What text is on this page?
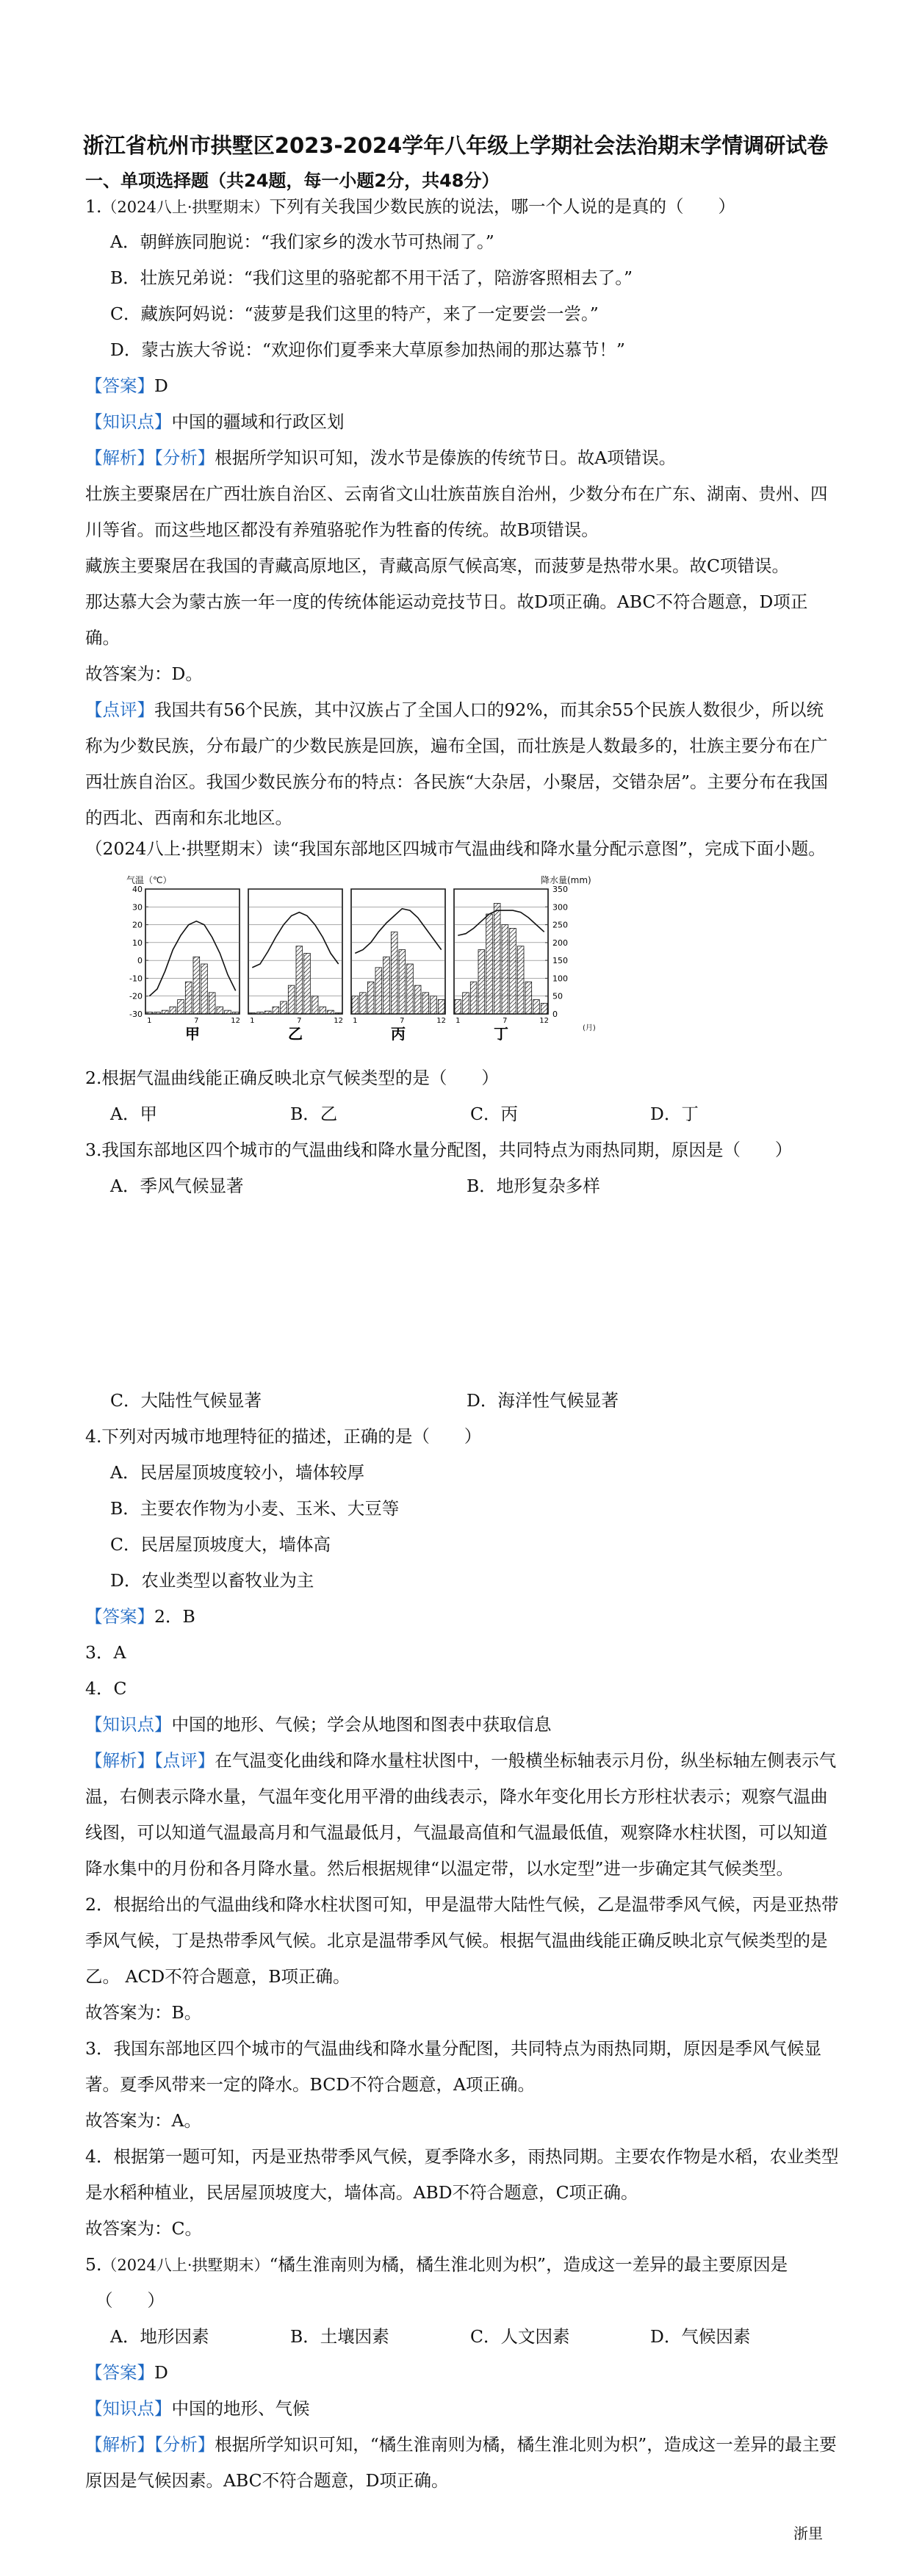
浙江省杭州市拱墅区2023-2024学年八年级上学期社会法治期末学情调研试卷
一、单项选择题（共24题，每一小题2分，共48分）
1.（2024八上·拱墅期末）下列有关我国少数民族的说法，哪一个人说的是真的（　　）
A．朝鲜族同胞说：“我们家乡的泼水节可热闹了。”
B．壮族兄弟说：“我们这里的骆驼都不用干活了，陪游客照相去了。”
C．藏族阿妈说：“菠萝是我们这里的特产，来了一定要尝一尝。”
D．蒙古族大爷说：“欢迎你们夏季来大草原参加热闹的那达慕节！”
【答案】D
【知识点】中国的疆域和行政区划
【解析】【分析】根据所学知识可知，泼水节是傣族的传统节日。故A项错误。
壮族主要聚居在广西壮族自治区、云南省文山壮族苗族自治州，少数分布在广东、湖南、贵州、四
川等省。而这些地区都没有养殖骆驼作为牲畜的传统。故B项错误。
藏族主要聚居在我国的青藏高原地区，青藏高原气候高寒，而菠萝是热带水果。故C项错误。
那达慕大会为蒙古族一年一度的传统体能运动竞技节日。故D项正确。ABC不符合题意，D项正
确。
故答案为：D。
【点评】我国共有56个民族，其中汉族占了全国人口的92%，而其余55个民族人数很少，所以统
称为少数民族，分布最广的少数民族是回族，遍布全国，而壮族是人数最多的，壮族主要分布在广
西壮族自治区。我国少数民族分布的特点：各民族“大杂居，小聚居，交错杂居”。主要分布在我国
的西北、西南和东北地区。
（2024八上·拱墅期末）读“我国东部地区四城市气温曲线和降水量分配示意图”，完成下面小题。
气温（℃）	降水量(mm)
(月)
40
30
20
10
0
-10
-20
-30
350
300
250
200
150
100
50
0
1	7	12
甲
1	7	12
乙
1	7	12
丙
1	7	12
丁
2.根据气温曲线能正确反映北京气候类型的是（　　）
A．甲	B．乙	C．丙	D．丁
3.我国东部地区四个城市的气温曲线和降水量分配图，共同特点为雨热同期，原因是（　　）
A．季风气候显著	B．地形复杂多样
C．大陆性气候显著	D．海洋性气候显著
4.下列对丙城市地理特征的描述，正确的是（　　）
A．民居屋顶坡度较小，墙体较厚
B．主要农作物为小麦、玉米、大豆等
C．民居屋顶坡度大，墙体高
D．农业类型以畜牧业为主
【答案】2．B
3．A
4．C
【知识点】中国的地形、气候；学会从地图和图表中获取信息
【解析】【点评】在气温变化曲线和降水量柱状图中，一般横坐标轴表示月份，纵坐标轴左侧表示气
温，右侧表示降水量，气温年变化用平滑的曲线表示，降水年变化用长方形柱状表示；观察气温曲
线图，可以知道气温最高月和气温最低月，气温最高值和气温最低值，观察降水柱状图，可以知道
降水集中的月份和各月降水量。然后根据规律“以温定带，以水定型”进一步确定其气候类型。
2．根据给出的气温曲线和降水柱状图可知，甲是温带大陆性气候，乙是温带季风气候，丙是亚热带
季风气候，丁是热带季风气候。北京是温带季风气候。根据气温曲线能正确反映北京气候类型的是
乙。 ACD不符合题意，B项正确。
故答案为：B。
3．我国东部地区四个城市的气温曲线和降水量分配图，共同特点为雨热同期，原因是季风气候显
著。夏季风带来一定的降水。BCD不符合题意，A项正确。
故答案为：A。
4．根据第一题可知，丙是亚热带季风气候，夏季降水多，雨热同期。主要农作物是水稻，农业类型
是水稻种植业，民居屋顶坡度大，墙体高。ABD不符合题意，C项正确。
故答案为：C。
5.（2024八上·拱墅期末）“橘生淮南则为橘，橘生淮北则为枳”，造成这一差异的最主要原因是
（　　）
A．地形因素	B．土壤因素	C．人文因素	D．气候因素
【答案】D
【知识点】中国的地形、气候
【解析】【分析】根据所学知识可知，“橘生淮南则为橘，橘生淮北则为枳”，造成这一差异的最主要
原因是气候因素。ABC不符合题意，D项正确。
浙里
